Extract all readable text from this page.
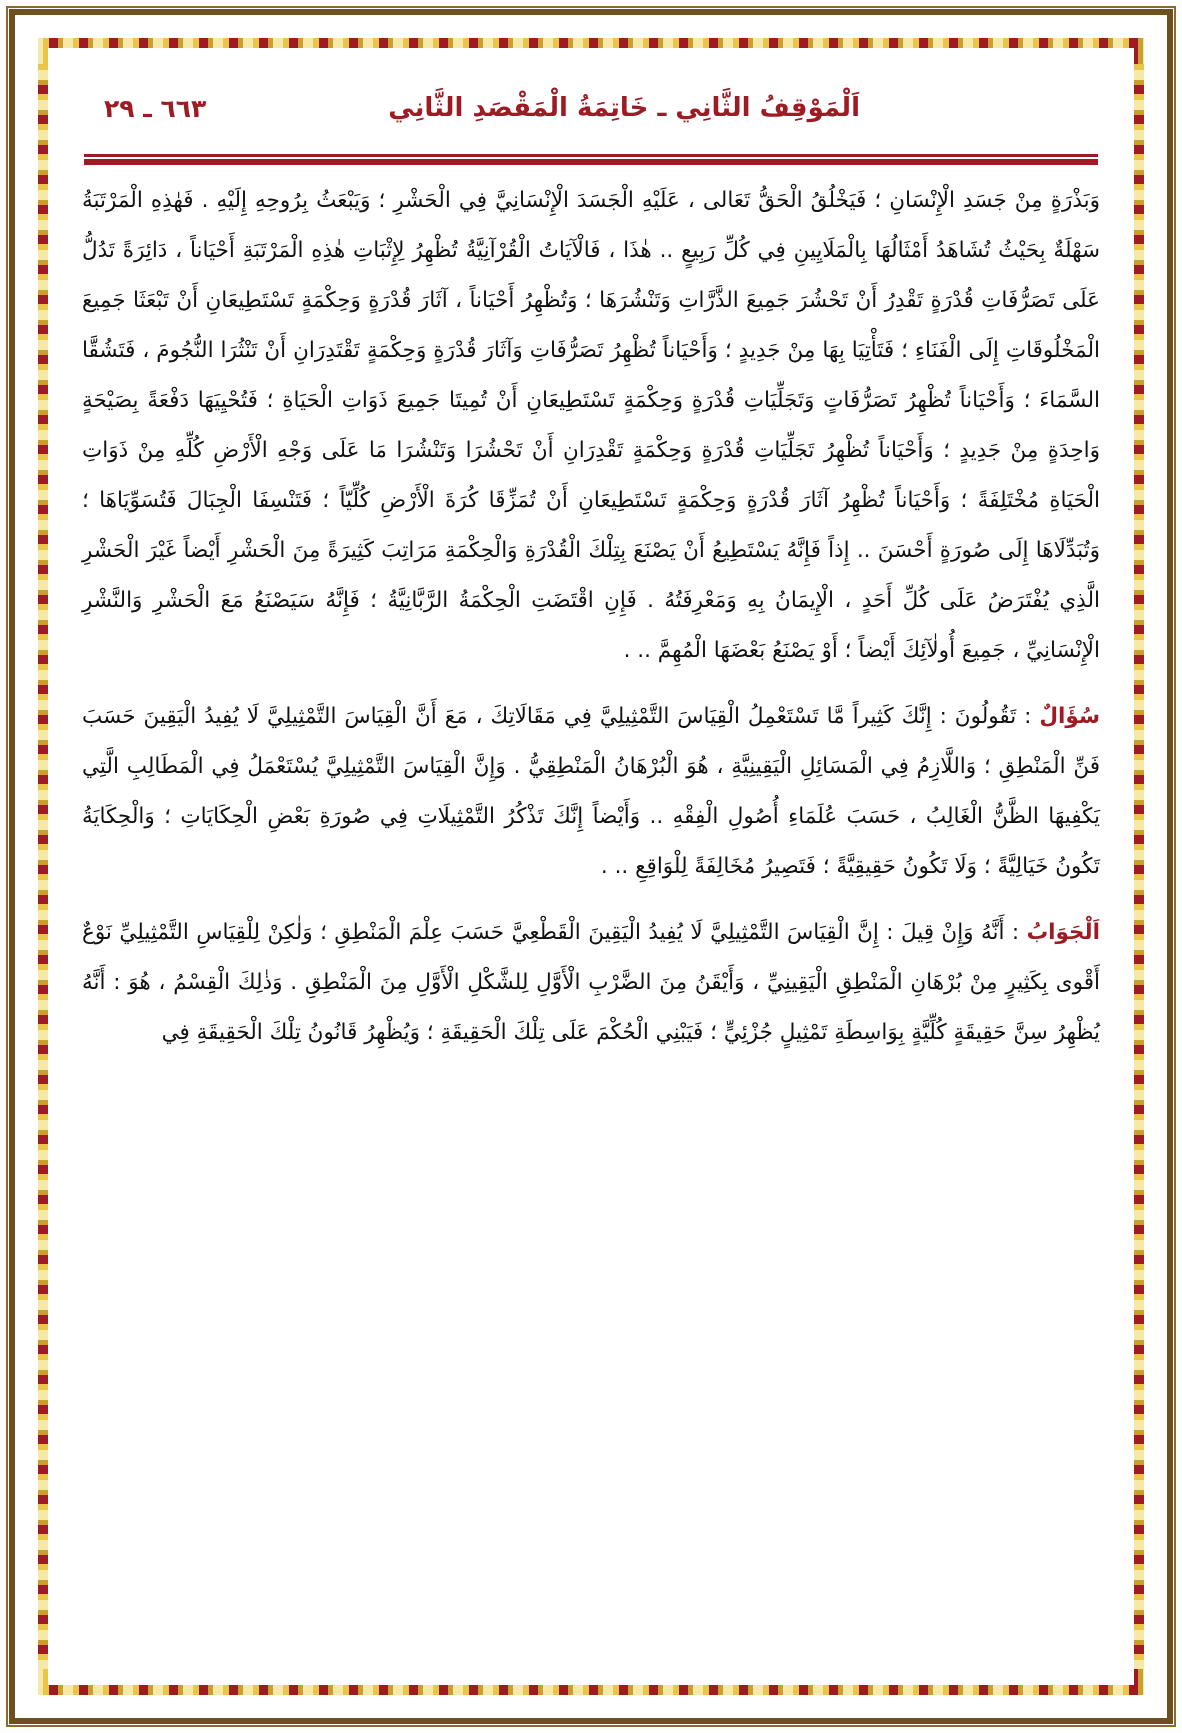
اَلْمَوْقِفُ الثَّانِي ـ خَاتِمَةُ الْمَقْصَدِ الثَّانِي
٦٦٣ ـ ٢٩

وَبَذْرَةٍ مِنْ جَسَدِ الْإِنْسَانِ ؛ فَيَخْلُقُ الْحَقُّ تَعَالى ، عَلَيْهِ الْجَسَدَ الْإِنْسَانِيَّ فِي الْحَشْرِ ؛ وَيَبْعَثُ بِرُوحِهِ إِلَيْهِ . فَهٰذِهِ الْمَرْتَبَةُ سَهْلَةٌ بِحَيْثُ تُشَاهَدُ أَمْثَالُهَا بِالْمَلَايِينِ فِي كُلِّ رَبِيعٍ .. هٰذَا ، فَالْآيَاتُ الْقُرْآنِيَّةُ تُظْهِرُ لِإِثْبَاتِ هٰذِهِ الْمَرْتَبَةِ أَحْيَاناً ، دَائِرَةً تَدُلُّ عَلَى تَصَرُّفَاتِ قُدْرَةٍ تَقْدِرُ أَنْ تَحْشُرَ جَمِيعَ الذَّرَّاتِ وَتَنْشُرَهَا ؛ وَتُظْهِرُ أَحْيَاناً ، آثَارَ قُدْرَةٍ وَحِكْمَةٍ تَسْتَطِيعَانِ أَنْ تَبْعَثَا جَمِيعَ الْمَخْلُوقَاتِ إِلَى الْفَنَاءِ ؛ فَتَأْتِيَا بِهَا مِنْ جَدِيدٍ ؛ وَأَحْيَاناً تُظْهِرُ تَصَرُّفَاتِ وَآثَارَ قُدْرَةٍ وَحِكْمَةٍ تَقْتَدِرَانِ أَنْ تَنْثُرَا النُّجُومَ ، فَتَشُقَّا السَّمَاءَ ؛ وَأَحْيَاناً تُظْهِرُ تَصَرُّفَاتٍ وَتَجَلِّيَاتِ قُدْرَةٍ وَحِكْمَةٍ تَسْتَطِيعَانِ أَنْ تُمِيتَا جَمِيعَ ذَوَاتِ الْحَيَاةِ ؛ فَتُحْيِيَهَا دَفْعَةً بِصَيْحَةٍ وَاحِدَةٍ مِنْ جَدِيدٍ ؛ وَأَحْيَاناً تُظْهِرُ تَجَلِّيَاتِ قُدْرَةٍ وَحِكْمَةٍ تَقْدِرَانِ أَنْ تَحْشُرَا وَتَنْشُرَا مَا عَلَى وَجْهِ الْأَرْضِ كُلِّهِ مِنْ ذَوَاتِ الْحَيَاةِ مُخْتَلِفَةً ؛ وَأَحْيَاناً تُظْهِرُ آثَارَ قُدْرَةٍ وَحِكْمَةٍ تَسْتَطِيعَانِ أَنْ تُمَزِّقَا كُرَةَ الْأَرْضِ كُلِّيّاً ؛ فَتَنْسِفَا الْجِبَالَ فَتُسَوِّيَاهَا ؛ وَتُبَدِّلَاهَا إِلَى صُورَةٍ أَحْسَنَ .. إِذاً فَإِنَّهُ يَسْتَطِيعُ أَنْ يَصْنَعَ بِتِلْكَ الْقُدْرَةِ وَالْحِكْمَةِ مَرَاتِبَ كَثِيرَةً مِنَ الْحَشْرِ أَيْضاً غَيْرَ الْحَشْرِ الَّذِي يُفْتَرَضُ عَلَى كُلِّ أَحَدٍ ، الْإِيمَانُ بِهِ وَمَعْرِفَتُهُ . فَإِنِ اقْتَضَتِ الْحِكْمَةُ الرَّبَّانِيَّةُ ؛ فَإِنَّهُ سَيَصْنَعُ مَعَ الْحَشْرِ وَالنَّشْرِ الْإِنْسَانِيِّ ، جَمِيعَ أُولٰآئِكَ أَيْضاً ؛ أَوْ يَصْنَعُ بَعْضَهَا الْمُهِمَّ .. .

سُؤَالٌ : تَقُولُونَ : إِنَّكَ كَثِيراً مَّا تَسْتَعْمِلُ الْقِيَاسَ التَّمْثِيلِيَّ فِي مَقَالَاتِكَ ، مَعَ أَنَّ الْقِيَاسَ التَّمْثِيلِيَّ لَا يُفِيدُ الْيَقِينَ حَسَبَ فَنِّ الْمَنْطِقِ ؛ وَاللَّازِمُ فِي الْمَسَائِلِ الْيَقِينِيَّةِ ، هُوَ الْبُرْهَانُ الْمَنْطِقِيُّ . وَإِنَّ الْقِيَاسَ التَّمْثِيلِيَّ يُسْتَعْمَلُ فِي الْمَطَالِبِ الَّتِي يَكْفِيهَا الظَّنُّ الْغَالِبُ ، حَسَبَ عُلَمَاءِ أُصُولِ الْفِقْهِ .. وَأَيْضاً إِنَّكَ تَذْكُرُ التَّمْثِيلَاتِ فِي صُورَةِ بَعْضِ الْحِكَايَاتِ ؛ وَالْحِكَايَةُ تَكُونُ خَيَالِيَّةً ؛ وَلَا تَكُونُ حَقِيقِيَّةً ؛ فَتَصِيرُ مُخَالِفَةً لِلْوَاقِعِ .. .

اَلْجَوَابُ : أَنَّهُ وَإِنْ قِيلَ : إِنَّ الْقِيَاسَ التَّمْثِيلِيَّ لَا يُفِيدُ الْيَقِينَ الْقَطْعِيَّ حَسَبَ عِلْمَ الْمَنْطِقِ ؛ وَلٰكِنْ لِلْقِيَاسِ التَّمْثِيلِيِّ نَوْعٌ أَقْوى بِكَثِيرٍ مِنْ بُرْهَانِ الْمَنْطِقِ الْيَقِينِيِّ ، وَأَيْقَنُ مِنَ الضَّرْبِ الْأَوَّلِ لِلشَّكْلِ الْأَوَّلِ مِنَ الْمَنْطِقِ . وَذٰلِكَ الْقِسْمُ ، هُوَ : أَنَّهُ يُظْهِرُ سِنَّ حَقِيقَةٍ كُلِّيَّةٍ بِوَاسِطَةِ تَمْثِيلٍ جُزْئِيٍّ ؛ فَيَبْنِي الْحُكْمَ عَلَى تِلْكَ الْحَقِيقَةِ ؛ وَيُظْهِرُ قَانُونُ تِلْكَ الْحَقِيقَةِ فِي
